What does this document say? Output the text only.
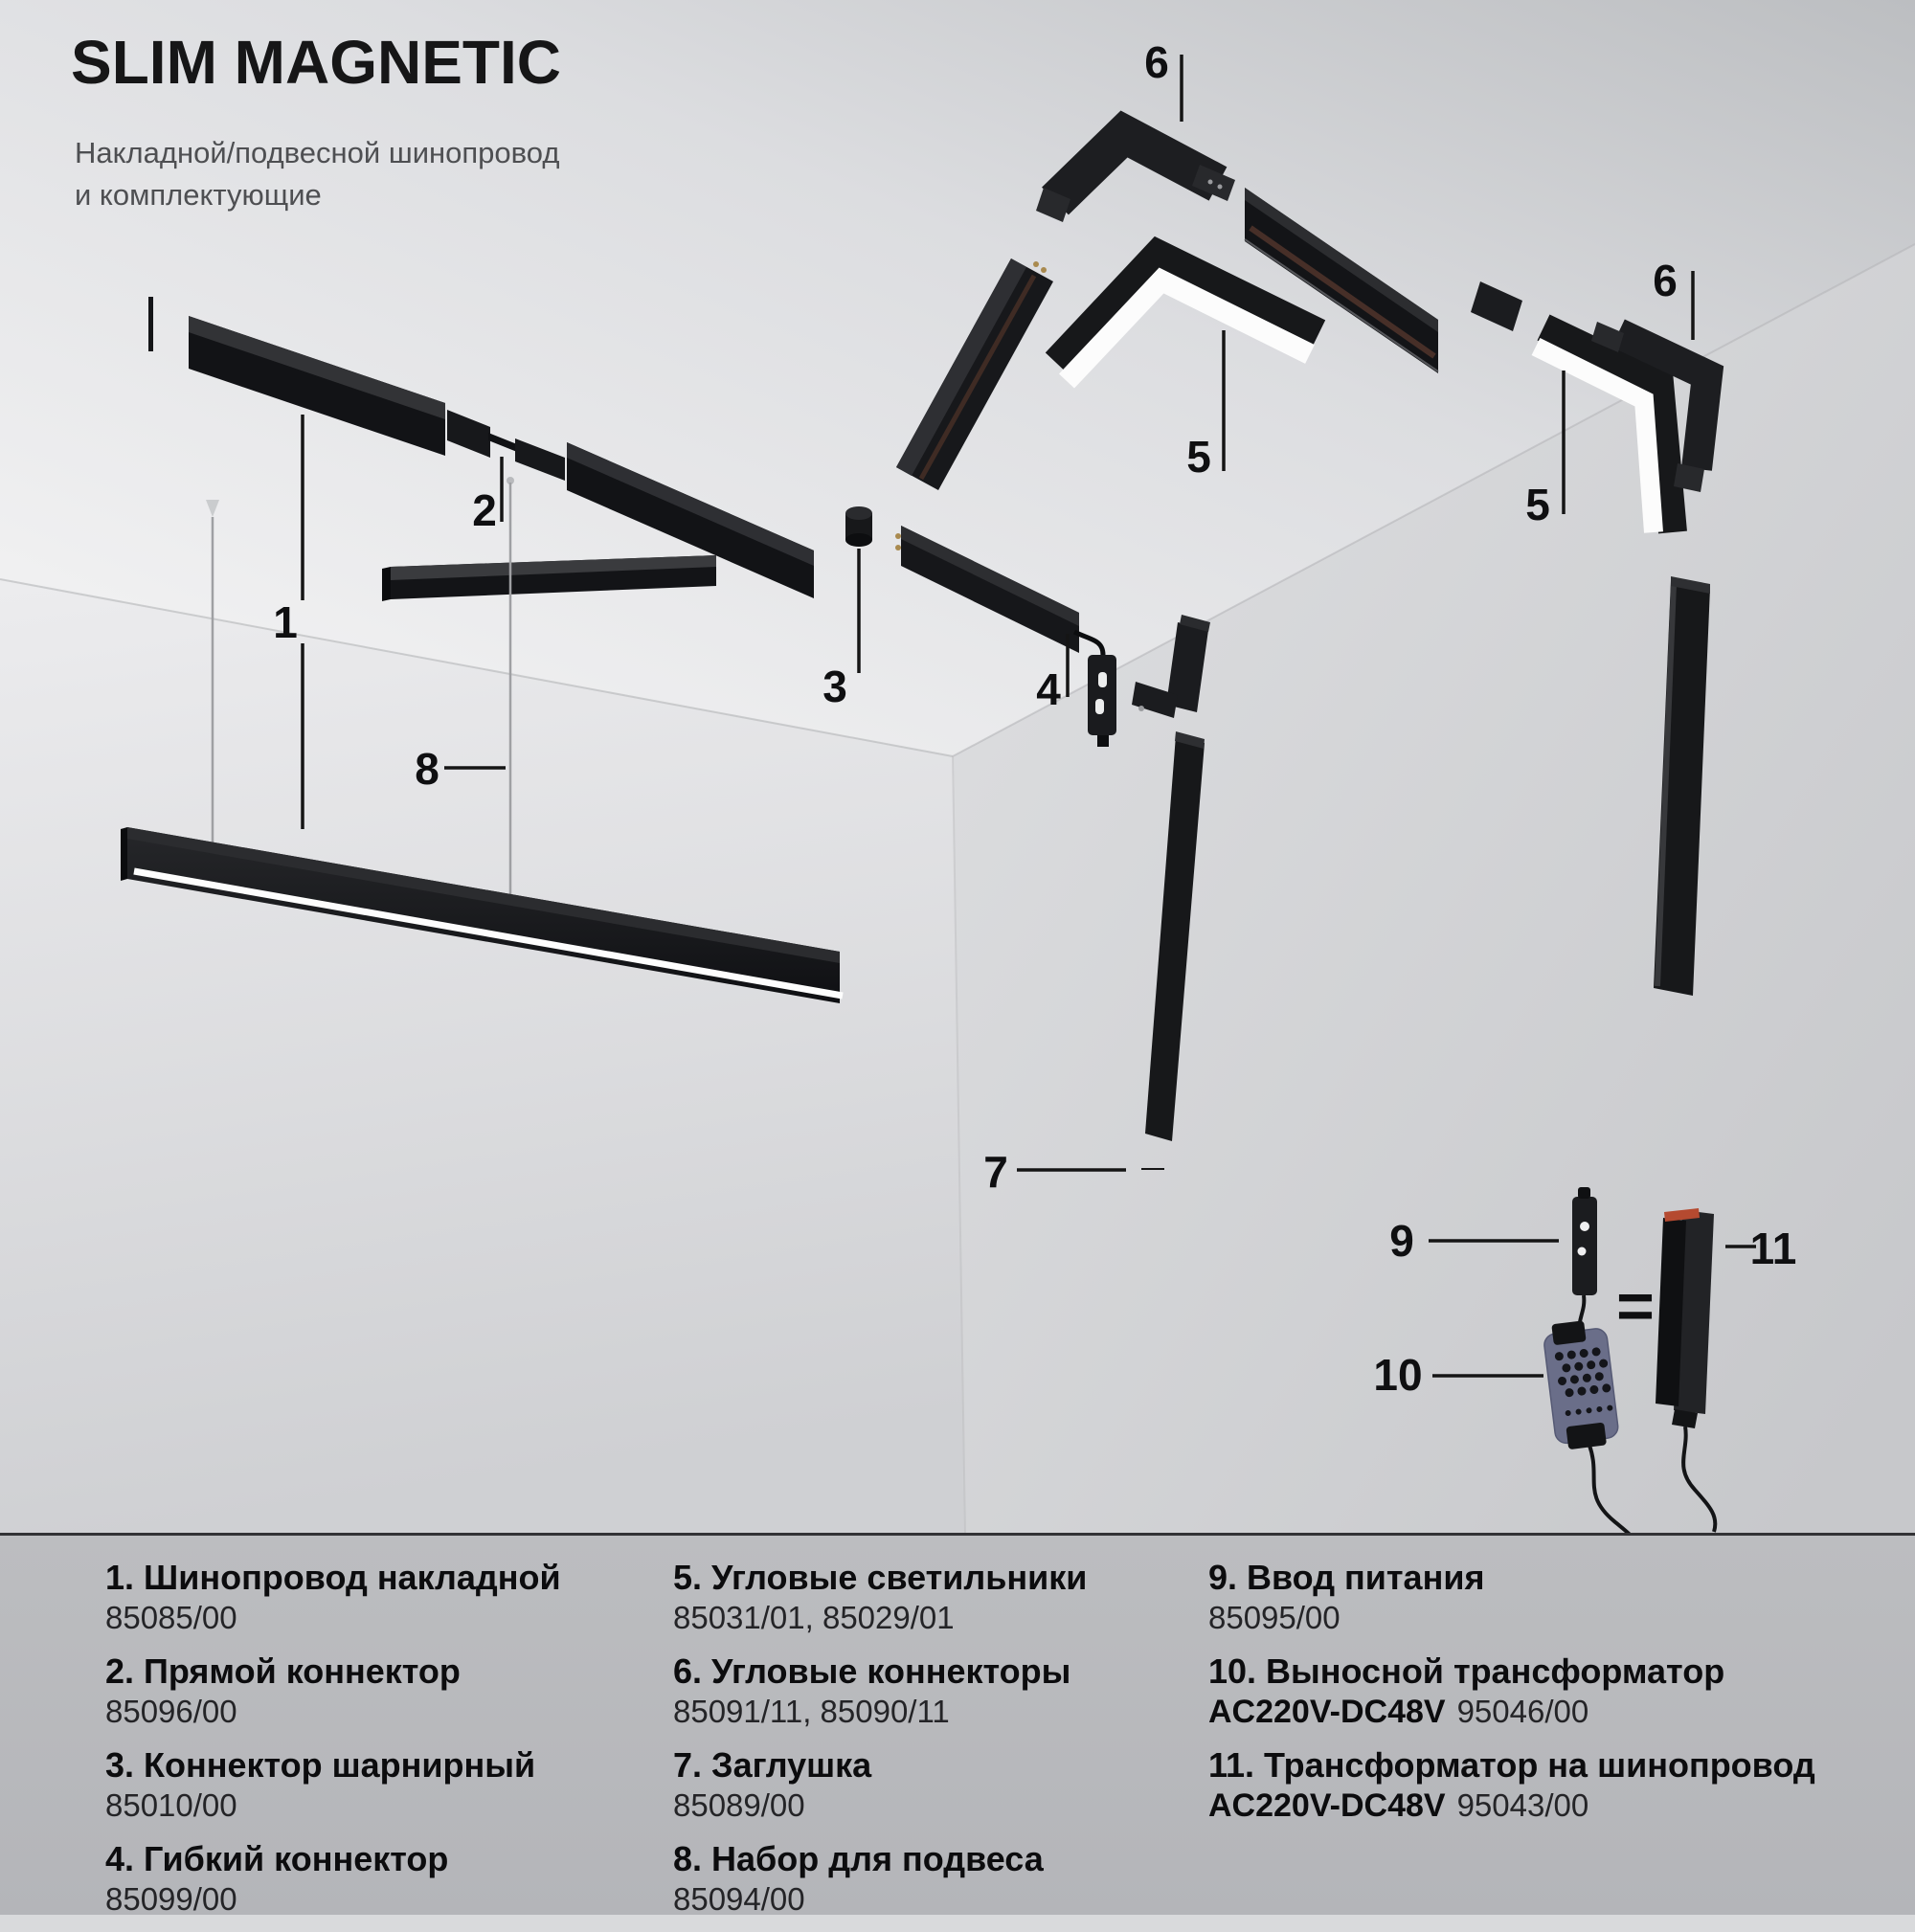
1
2
3	4
5
6
5
6
7
8
9
10
=
11
SLIM MAGNETIC
Накладной/подвесной шинопровод
и комплектующие
1. Шинопровод накладной
85085/00
2. Прямой коннектор
85096/00
3. Коннектор шарнирный
85010/00
4. Гибкий коннектор
85099/00
5. Угловые светильники
85031/01, 85029/01
6. Угловые коннекторы
85091/11, 85090/11
7. Заглушка
85089/00
8. Набор для подвеса
85094/00
9. Ввод питания
85095/00
10. Выносной трансформатор
AC220V-DC48V 95046/00
11. Трансформатор на шинопровод
AC220V-DC48V 95043/00
